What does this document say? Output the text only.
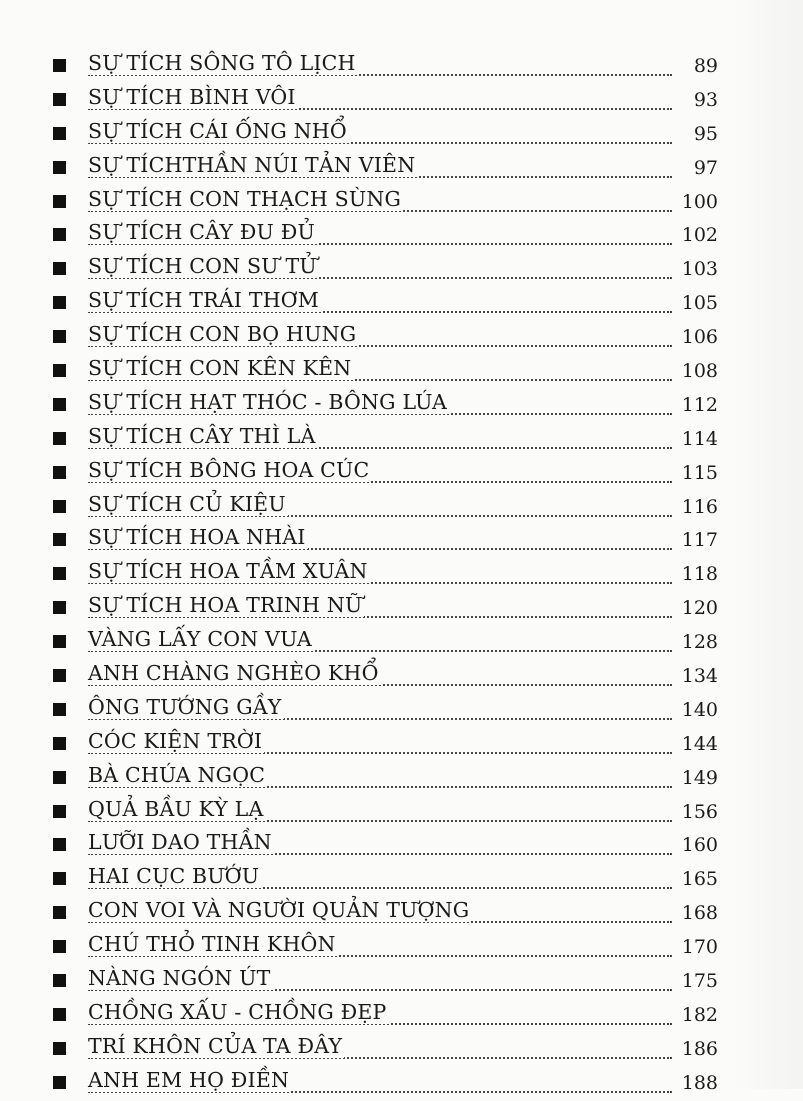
SỰ TÍCH SÔNG TÔ LỊCH	89
SỰ TÍCH BÌNH VÔI	93
SỰ TÍCH CÁI ỐNG NHỔ	95
SỰ TÍCHTHẦN NÚI TẢN VIÊN	97
SỰ TÍCH CON THẠCH SÙNG	100
SỰ TÍCH CÂY ĐU ĐỦ	102
SỰ TÍCH CON SƯ TỬ	103
SỰ TÍCH TRÁI THƠM	105
SỰ TÍCH CON BỌ HUNG	106
SỰ TÍCH CON KÊN KÊN	108
SỰ TÍCH HẠT THÓC - BÔNG LÚA	112
SỰ TÍCH CÂY THÌ LÀ	114
SỰ TÍCH BÔNG HOA CÚC	115
SỰ TÍCH CỦ KIỆU	116
SỰ TÍCH HOA NHÀI	117
SỰ TÍCH HOA TẦM XUÂN	118
SỰ TÍCH HOA TRINH NỮ	120
VÀNG LẤY CON VUA	128
ANH CHÀNG NGHÈO KHỔ	134
ÔNG TƯỚNG GẦY	140
CÓC KIỆN TRỜI	144
BÀ CHÚA NGỌC	149
QUẢ BẦU KỲ LẠ	156
LƯỠI DAO THẦN	160
HAI CỤC BƯỚU	165
CON VOI VÀ NGƯỜI QUẢN TƯỢNG	168
CHÚ THỎ TINH KHÔN	170
NÀNG NGÓN ÚT	175
CHỒNG XẤU - CHỒNG ĐẸP	182
TRÍ KHÔN CỦA TA ĐÂY	186
ANH EM HỌ ĐIỀN	188
